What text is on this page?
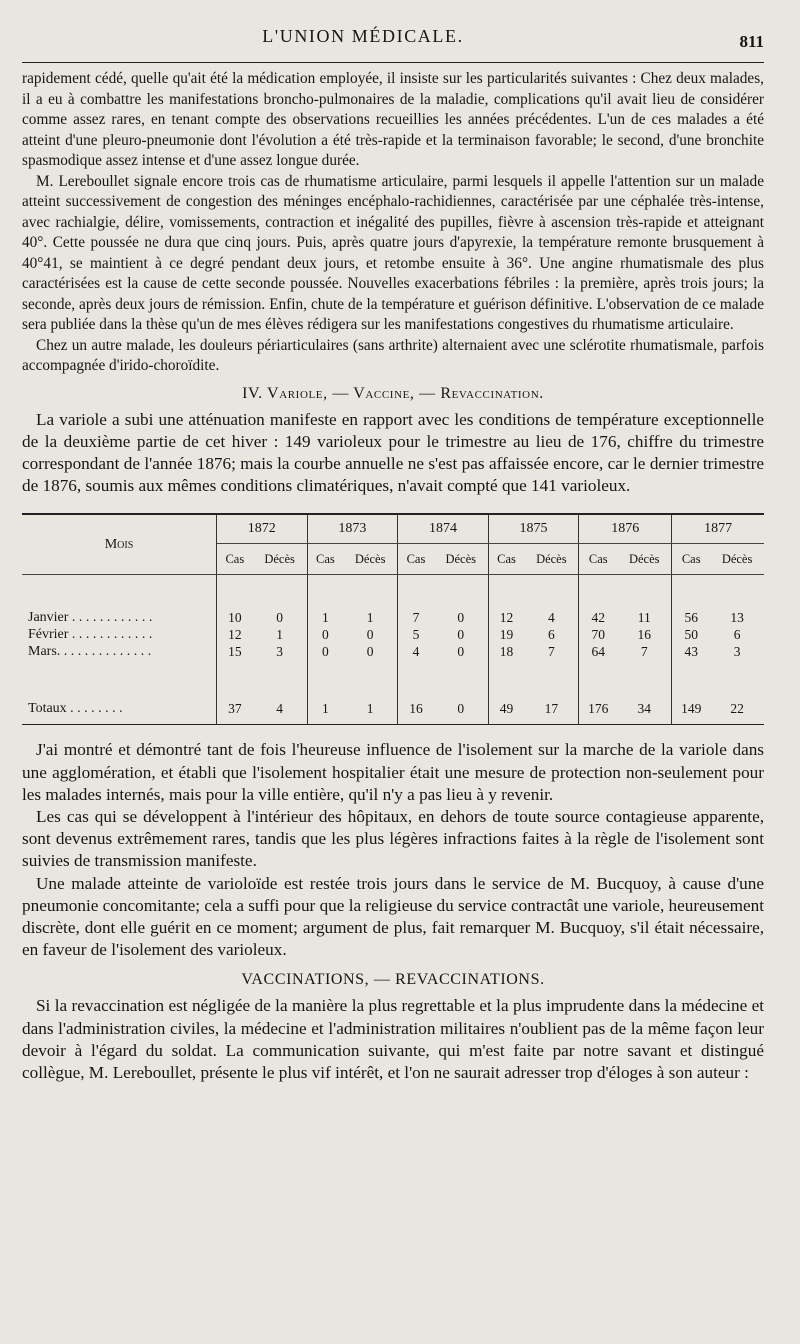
L'UNION MÉDICALE.	811

rapidement cédé, quelle qu'ait été la médication employée, il insiste sur les particularités suivantes : Chez deux malades, il a eu à combattre les manifestations broncho-pulmonaires de la maladie, complications qu'il avait lieu de considérer comme assez rares, en tenant compte des observations recueillies les années précédentes. L'un de ces malades a été atteint d'une pleuro-pneumonie dont l'évolution a été très-rapide et la terminaison favorable; le second, d'une bronchite spasmodique assez intense et d'une assez longue durée.

M. Lereboullet signale encore trois cas de rhumatisme articulaire, parmi lesquels il appelle l'attention sur un malade atteint successivement de congestion des méninges encéphalo-rachidiennes, caractérisée par une céphalée très-intense, avec rachialgie, délire, vomissements, contraction et inégalité des pupilles, fièvre à ascension très-rapide et atteignant 40°. Cette poussée ne dura que cinq jours. Puis, après quatre jours d'apyrexie, la température remonte brusquement à 40°41, se maintient à ce degré pendant deux jours, et retombe ensuite à 36°. Une angine rhumatismale des plus caractérisées est la cause de cette seconde poussée. Nouvelles exacerbations fébriles : la première, après trois jours; la seconde, après deux jours de rémission. Enfin, chute de la température et guérison définitive. L'observation de ce malade sera publiée dans la thèse qu'un de mes élèves rédigera sur les manifestations congestives du rhumatisme articulaire.

Chez un autre malade, les douleurs périarticulaires (sans arthrite) alternaient avec une sclérotite rhumatismale, parfois accompagnée d'irido-choroïdite.

IV. Variole, — Vaccine, — Revaccination.

La variole a subi une atténuation manifeste en rapport avec les conditions de température exceptionnelle de la deuxième partie de cet hiver : 149 varioleux pour le trimestre au lieu de 176, chiffre du trimestre correspondant de l'année 1876; mais la courbe annuelle ne s'est pas affaissée encore, car le dernier trimestre de 1876, soumis aux mêmes conditions climatériques, n'avait compté que 141 varioleux.

Mois	1872		1873		1874		1875		1876		1877	
	Cas	Décès	Cas	Décès	Cas	Décès	Cas	Décès	Cas	Décès	Cas	Décès

Janvier . . . . . . . . . . . .	10	0	1	1	7	0	12	4	42	11	56	13
Février . . . . . . . . . . . .	12	1	0	0	5	0	19	6	70	16	50	6
Mars. . . . . . . . . . . . . .	15	3	0	0	4	0	18	7	64	7	43	3

Totaux . . . . . . . .	37	4	1	1	16	0	49	17	176	34	149	22

J'ai montré et démontré tant de fois l'heureuse influence de l'isolement sur la marche de la variole dans une agglomération, et établi que l'isolement hospitalier était une mesure de protection non-seulement pour les malades internés, mais pour la ville entière, qu'il n'y a pas lieu à y revenir.

Les cas qui se développent à l'intérieur des hôpitaux, en dehors de toute source contagieuse apparente, sont devenus extrêmement rares, tandis que les plus légères infractions faites à la règle de l'isolement sont suivies de transmission manifeste.

Une malade atteinte de varioloïde est restée trois jours dans le service de M. Bucquoy, à cause d'une pneumonie concomitante; cela a suffi pour que la religieuse du service contractât une variole, heureusement discrète, dont elle guérit en ce moment; argument de plus, fait remarquer M. Bucquoy, s'il était nécessaire, en faveur de l'isolement des varioleux.

VACCINATIONS, — REVACCINATIONS.

Si la revaccination est négligée de la manière la plus regrettable et la plus imprudente dans la médecine et dans l'administration civiles, la médecine et l'administration militaires n'oublient pas de la même façon leur devoir à l'égard du soldat. La communication suivante, qui m'est faite par notre savant et distingué collègue, M. Lereboullet, présente le plus vif intérêt, et l'on ne saurait adresser trop d'éloges à son auteur :
